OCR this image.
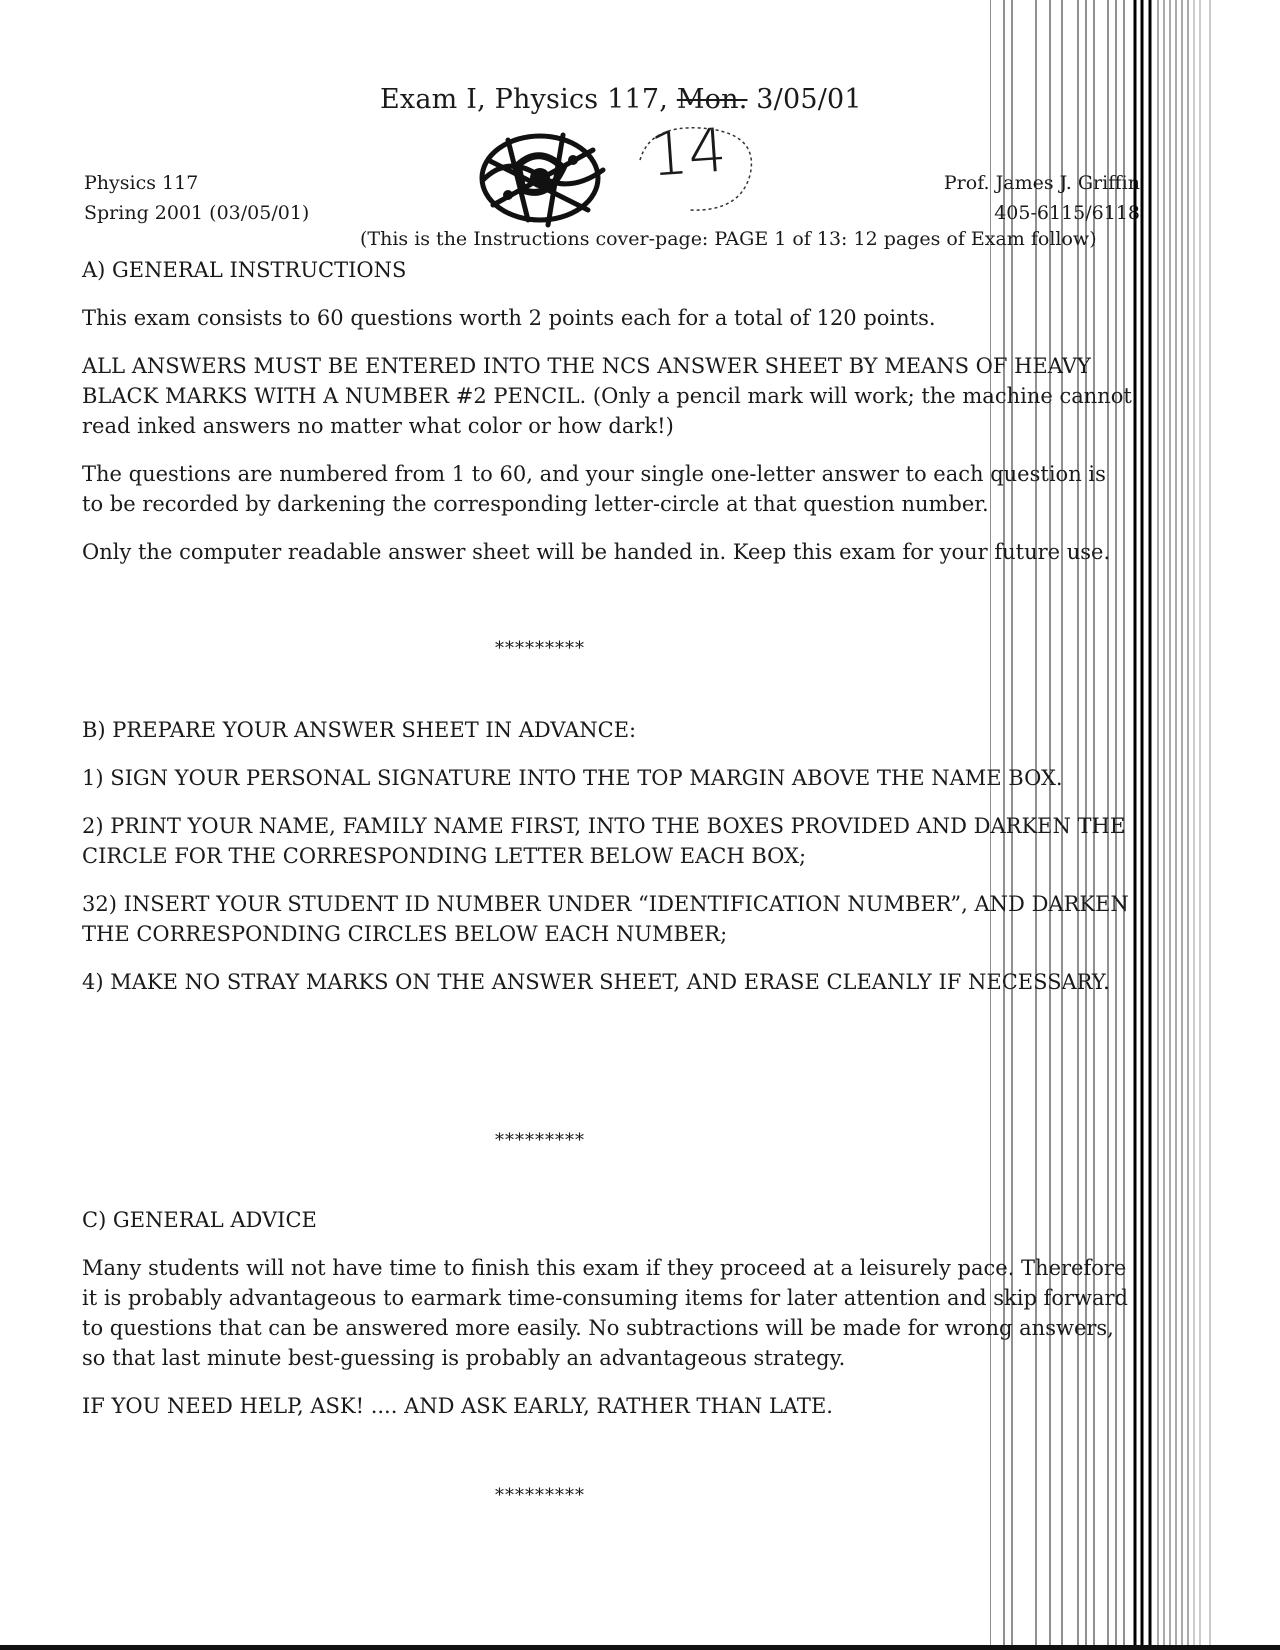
Exam I, Physics 117, Mon. 3/05/01
Physics 117
Spring 2001 (03/05/01)
Prof. James J. Griffin
405-6115/6118
14
(This is the Instructions cover-page: PAGE 1 of 13: 12 pages of Exam follow)

A) GENERAL INSTRUCTIONS

This exam consists to 60 questions worth 2 points each for a total of 120 points.

ALL ANSWERS MUST BE ENTERED INTO THE NCS ANSWER SHEET BY MEANS OF HEAVY BLACK MARKS WITH A NUMBER #2 PENCIL. (Only a pencil mark will work; the machine cannot read inked answers no matter what color or how dark!)

The questions are numbered from 1 to 60, and your single one-letter answer to each question is to be recorded by darkening the corresponding letter-circle at that question number.

Only the computer readable answer sheet will be handed in. Keep this exam for your future use.

*********

B) PREPARE YOUR ANSWER SHEET IN ADVANCE:

1) SIGN YOUR PERSONAL SIGNATURE INTO THE TOP MARGIN ABOVE THE NAME BOX.

2) PRINT YOUR NAME, FAMILY NAME FIRST, INTO THE BOXES PROVIDED AND DARKEN THE CIRCLE FOR THE CORRESPONDING LETTER BELOW EACH BOX;

32) INSERT YOUR STUDENT ID NUMBER UNDER “IDENTIFICATION NUMBER”, AND DARKEN THE CORRESPONDING CIRCLES BELOW EACH NUMBER;

4) MAKE NO STRAY MARKS ON THE ANSWER SHEET, AND ERASE CLEANLY IF NECESSARY.

*********

C) GENERAL ADVICE

Many students will not have time to finish this exam if they proceed at a leisurely pace. Therefore it is probably advantageous to earmark time-consuming items for later attention and skip forward to questions that can be answered more easily. No subtractions will be made for wrong answers, so that last minute best-guessing is probably an advantageous strategy.

IF YOU NEED HELP, ASK! .... AND ASK EARLY, RATHER THAN LATE.

*********
